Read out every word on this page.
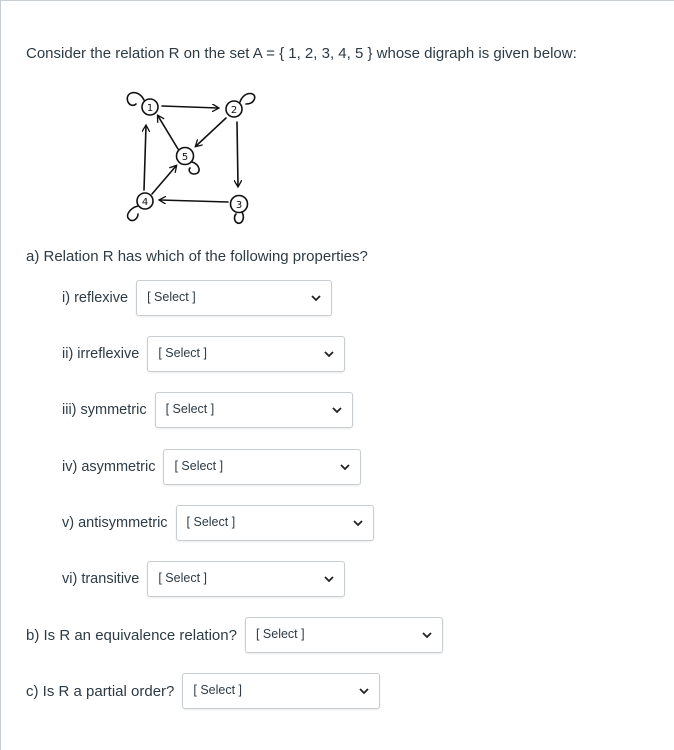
Consider the relation R on the set A = { 1, 2, 3, 4, 5 } whose digraph is given below:
1	2
3
4
5
a) Relation R has which of the following properties?
i) reflexive [ Select ]
ii) irreflexive [ Select ]
iii) symmetric [ Select ]
iv) asymmetric [ Select ]
v) antisymmetric [ Select ]
vi) transitive [ Select ]
b) Is R an equivalence relation? [ Select ]
c) Is R a partial order? [ Select ]
